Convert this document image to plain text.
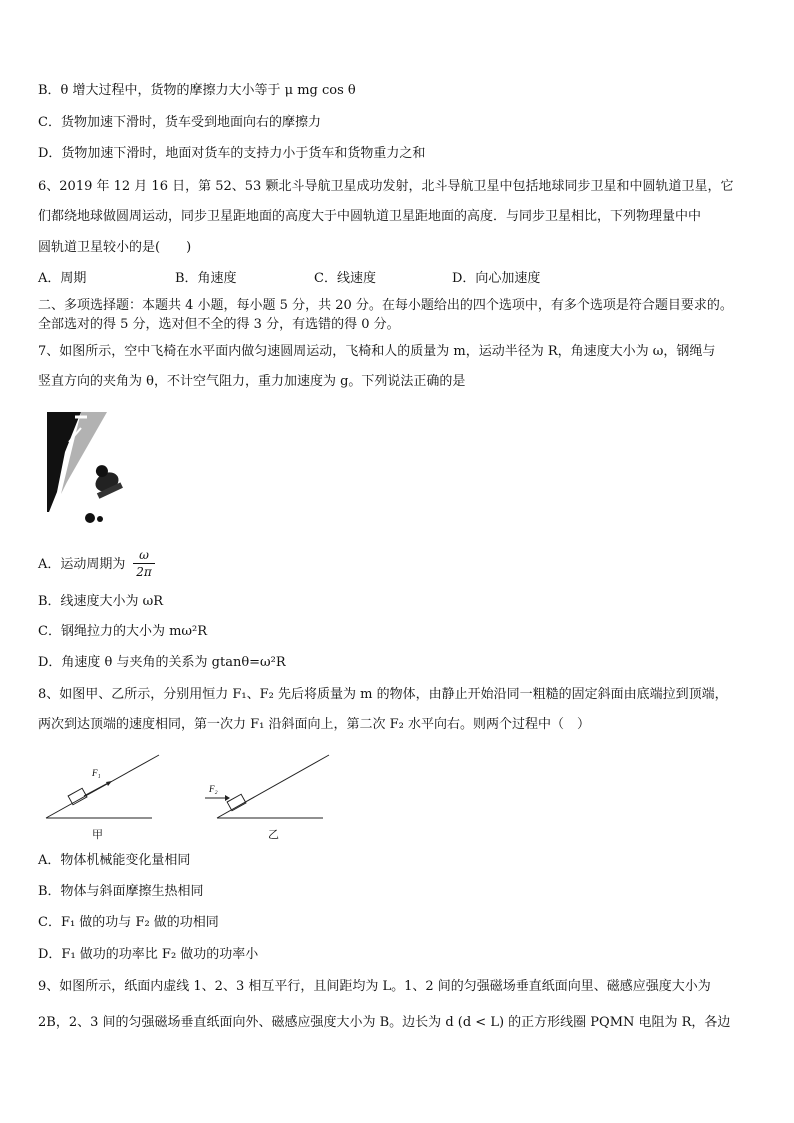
B．θ 增大过程中，货物的摩擦力大小等于 μ mg cos θ
C．货物加速下滑时，货车受到地面向右的摩擦力
D．货物加速下滑时，地面对货车的支持力小于货车和货物重力之和
6、2019 年 12 月 16 日，第 52、53 颗北斗导航卫星成功发射，北斗导航卫星中包括地球同步卫星和中圆轨道卫星，它
们都绕地球做圆周运动，同步卫星距地面的高度大于中圆轨道卫星距地面的高度．与同步卫星相比，下列物理量中中
圆轨道卫星较小的是(　　)
A．周期	B．角速度	C．线速度	D．向心加速度
二、多项选择题：本题共 4 小题，每小题 5 分，共 20 分。在每小题给出的四个选项中，有多个选项是符合题目要求的。
全部选对的得 5 分，选对但不全的得 3 分，有选错的得 0 分。
7、如图所示，空中飞椅在水平面内做匀速圆周运动，飞椅和人的质量为 m，运动半径为 R，角速度大小为 ω，钢绳与
竖直方向的夹角为 θ，不计空气阻力，重力加速度为 g。下列说法正确的是
A．运动周期为
ω
2π
B．线速度大小为 ωR
C．钢绳拉力的大小为 mω²R
D．角速度 θ 与夹角的关系为 gtanθ=ω²R
8、如图甲、乙所示，分别用恒力 F₁、F₂ 先后将质量为 m 的物体，由静止开始沿同一粗糙的固定斜面由底端拉到顶端，
两次到达顶端的速度相同，第一次力 F₁ 沿斜面向上，第二次 F₂ 水平向右。则两个过程中（　）
F₁
甲
F₂
乙
A．物体机械能变化量相同
B．物体与斜面摩擦生热相同
C．F₁ 做的功与 F₂ 做的功相同
D．F₁ 做功的功率比 F₂ 做功的功率小
9、如图所示，纸面内虚线 1、2、3 相互平行，且间距均为 L。1、2 间的匀强磁场垂直纸面向里、磁感应强度大小为
2B，2、3 间的匀强磁场垂直纸面向外、磁感应强度大小为 B。边长为 d (d < L) 的正方形线圈 PQMN 电阻为 R，各边
